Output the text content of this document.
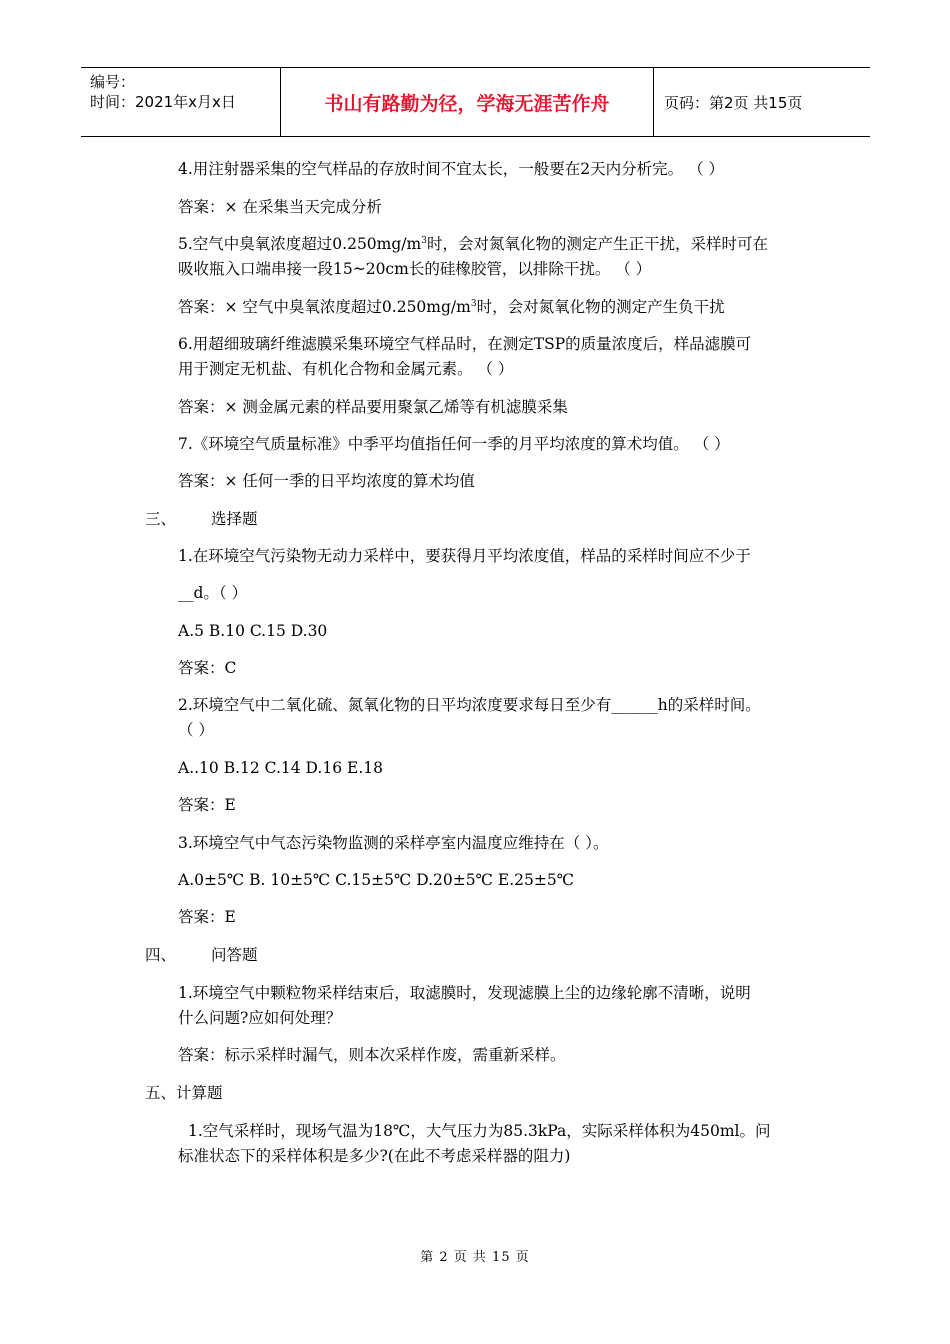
编号：
时间：2021年x月x日	书山有路勤为径，学海无涯苦作舟	页码：第2页 共15页
4.用注射器采集的空气样品的存放时间不宜太长，一般要在2天内分析完。 （ ）
答案：× 在采集当天完成分析
5.空气中臭氧浓度超过$0.250mg/m^3$时，会对氮氧化物的测定产生正干扰，采样时可在
吸收瓶入口端串接一段15~20cm长的硅橡胶管，以排除干扰。 （ ）
答案：× 空气中臭氧浓度超过$0.250mg/m^3$时，会对氮氧化物的测定产生负干扰
6.用超细玻璃纤维滤膜采集环境空气样品时，在测定TSP的质量浓度后，样品滤膜可
用于测定无机盐、有机化合物和金属元素。 （ ）
答案：× 测金属元素的样品要用聚氯乙烯等有机滤膜采集
7.《环境空气质量标准》中季平均值指任何一季的月平均浓度的算术均值。 （ ）
答案：× 任何一季的日平均浓度的算术均值
三、 选择题
1.在环境空气污染物无动力采样中，要获得月平均浓度值，样品的采样时间应不少于
__d。（ ）
A.5 B.10 C.15 D.30
答案：C
2.环境空气中二氧化硫、氮氧化物的日平均浓度要求每日至少有______h的采样时间。
（ ）
A..10 B.12 C.14 D.16 E.18
答案：E
3.环境空气中气态污染物监测的采样亭室内温度应维持在（ ）。
A.0±5℃ B. 10±5℃ C.15±5℃ D.20±5℃ E.25±5℃
答案：E
四、 问答题
1.环境空气中颗粒物采样结束后，取滤膜时，发现滤膜上尘的边缘轮廓不清晰，说明
什么问题?应如何处理？
答案：标示采样时漏气，则本次采样作废，需重新采样。
五、计算题
1.空气采样时，现场气温为18℃，大气压力为85.3kPa，实际采样体积为450ml。问
标准状态下的采样体积是多少?(在此不考虑采样器的阻力)
第 2 页 共 15 页
